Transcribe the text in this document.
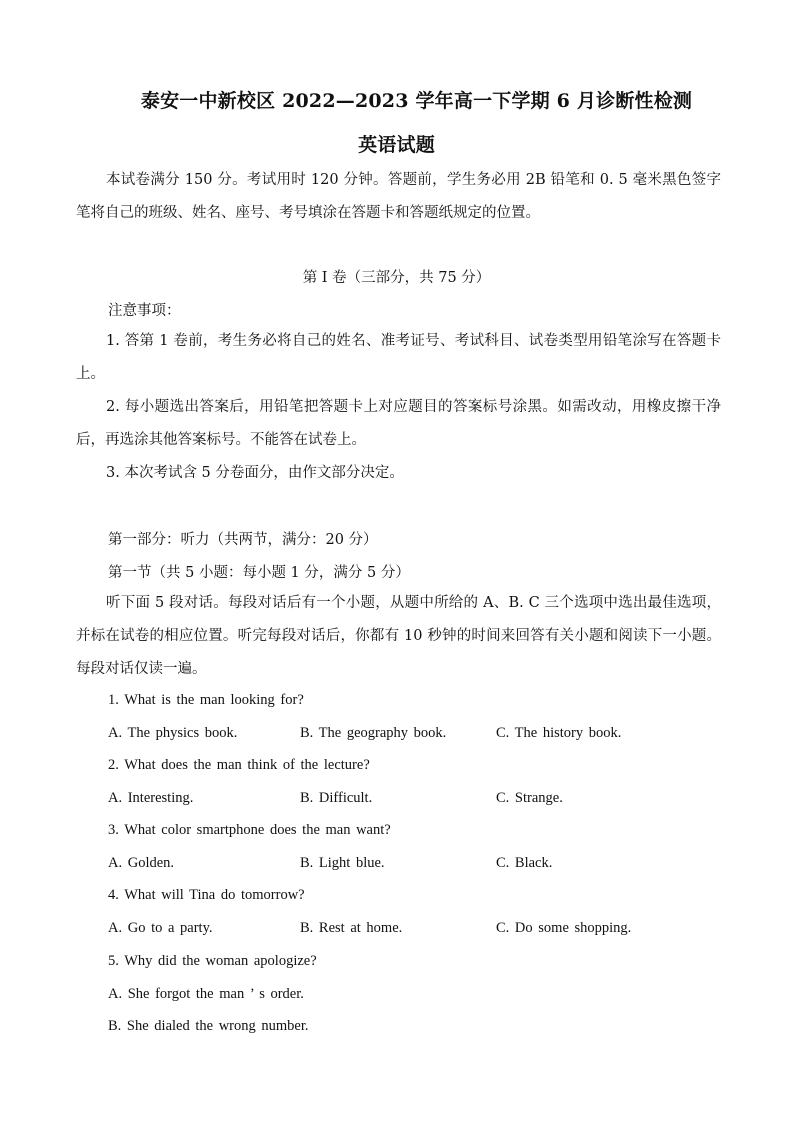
泰安一中新校区 2022—2023 学年高一下学期 6 月诊断性检测
英语试题
本试卷满分 150 分。考试用时 120 分钟。答题前，学生务必用 2B 铅笔和 0. 5 毫米黑色签字笔将自己的班级、姓名、座号、考号填涂在答题卡和答题纸规定的位置。
第 I 卷（三部分，共 75 分）
注意事项：
1. 答第 1 卷前，考生务必将自己的姓名、准考证号、考试科目、试卷类型用铅笔涂写在答题卡上。
2. 每小题选出答案后，用铅笔把答题卡上对应题目的答案标号涂黑。如需改动，用橡皮擦干净后，再选涂其他答案标号。不能答在试卷上。
3. 本次考试含 5 分卷面分，由作文部分决定。
第一部分：听力（共两节，满分：20 分）
第一节（共 5 小题：每小题 1 分，满分 5 分）
听下面 5 段对话。每段对话后有一个小题，从题中所给的 A、B. C 三个选项中选出最佳选项，并标在试卷的相应位置。听完每段对话后，你都有 10 秒钟的时间来回答有关小题和阅读下一小题。每段对话仅读一遍。
1. What is the man looking for?
A. The physics book.	B. The geography book.	C. The history book.
2. What does the man think of the lecture?
A. Interesting.	B. Difficult.	C. Strange.
3. What color smartphone does the man want?
A. Golden.	B. Light blue.	C. Black.
4. What will Tina do tomorrow?
A. Go to a party.	B. Rest at home.	C. Do some shopping.
5. Why did the woman apologize?
A. She forgot the man ’ s order.
B. She dialed the wrong number.
